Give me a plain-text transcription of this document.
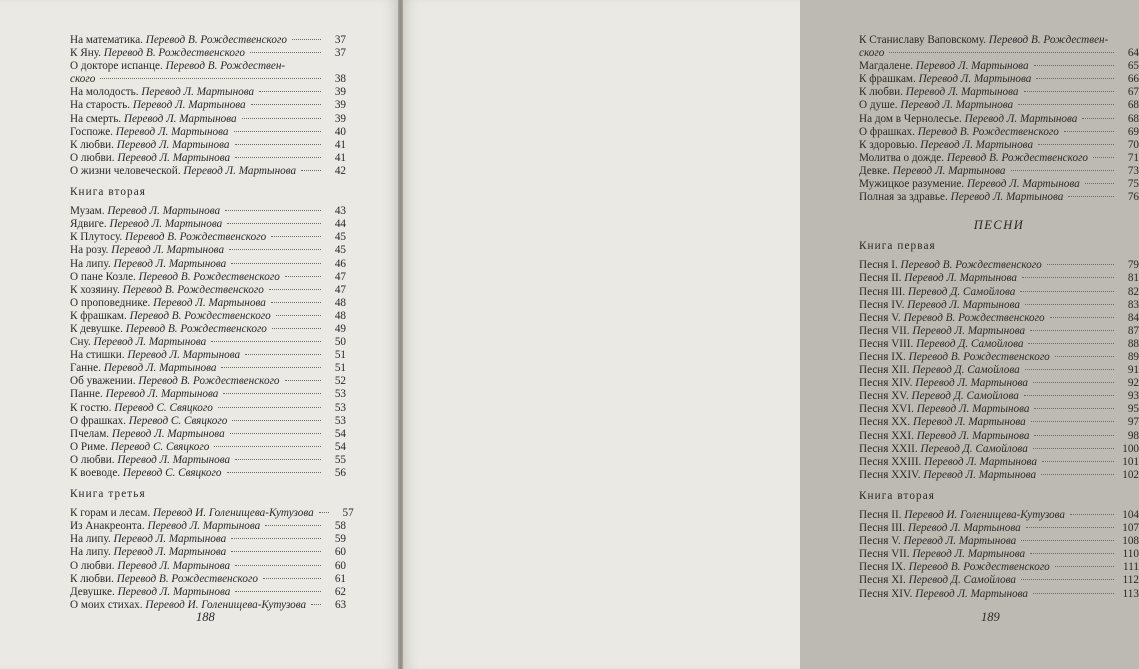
На математика. Перевод В. Рождественского	37
К Яну. Перевод В. Рождественского	37
О докторе испанце. Перевод В. Рождествен-
ского	38
На молодость. Перевод Л. Мартынова	39
На старость. Перевод Л. Мартынова	39
На смерть. Перевод Л. Мартынова	39
Госпоже. Перевод Л. Мартынова	40
К любви. Перевод Л. Мартынова	41
О любви. Перевод Л. Мартынова	41
О жизни человеческой. Перевод Л. Мартынова	42
Книга вторая
Музам. Перевод Л. Мартынова	43
Ядвиге. Перевод Л. Мартынова	44
К Плутосу. Перевод В. Рождественского	45
На розу. Перевод Л. Мартынова	45
На липу. Перевод Л. Мартынова	46
О пане Козле. Перевод В. Рождественского	47
К хозяину. Перевод В. Рождественского	47
О проповеднике. Перевод Л. Мартынова	48
К фрашкам. Перевод В. Рождественского	48
К девушке. Перевод В. Рождественского	49
Сну. Перевод Л. Мартынова	50
На стишки. Перевод Л. Мартынова	51
Ганне. Перевод Л. Мартынова	51
Об уважении. Перевод В. Рождественского	52
Панне. Перевод Л. Мартынова	53
К гостю. Перевод С. Свяцкого	53
О фрашках. Перевод С. Свяцкого	53
Пчелам. Перевод Л. Мартынова	54
О Риме. Перевод С. Свяцкого	54
О любви. Перевод Л. Мартынова	55
К воеводе. Перевод С. Свяцкого	56
Книга третья
К горам и лесам. Перевод И. Голенищева-Кутузова	57
Из Анакреонта. Перевод Л. Мартынова	58
На липу. Перевод Л. Мартынова	59
На липу. Перевод Л. Мартынова	60
О любви. Перевод Л. Мартынова	60
К любви. Перевод В. Рождественского	61
Девушке. Перевод Л. Мартынова	62
О моих стихах. Перевод И. Голенищева-Кутузова	63
188
К Станиславу Ваповскому. Перевод В. Рождествен-
ского	64
Магдалене. Перевод Л. Мартынова	65
К фрашкам. Перевод Л. Мартынова	66
К любви. Перевод Л. Мартынова	67
О душе. Перевод Л. Мартынова	68
На дом в Чернолесье. Перевод Л. Мартынова	68
О фрашках. Перевод В. Рождественского	69
К здоровью. Перевод Л. Мартынова	70
Молитва о дожде. Перевод В. Рождественского	71
Девке. Перевод Л. Мартынова	73
Мужицкое разумение. Перевод Л. Мартынова	75
Полная за здравье. Перевод Л. Мартынова	76
ПЕСНИ
Книга первая
Песня I. Перевод В. Рождественского	79
Песня II. Перевод Л. Мартынова	81
Песня III. Перевод Д. Самойлова	82
Песня IV. Перевод Л. Мартынова	83
Песня V. Перевод В. Рождественского	84
Песня VII. Перевод Л. Мартынова	87
Песня VIII. Перевод Д. Самойлова	88
Песня IX. Перевод В. Рождественского	89
Песня XII. Перевод Д. Самойлова	91
Песня XIV. Перевод Л. Мартынова	92
Песня XV. Перевод Д. Самойлова	93
Песня XVI. Перевод Л. Мартынова	95
Песня XX. Перевод Л. Мартынова	97
Песня XXI. Перевод Л. Мартынова	98
Песня XXII. Перевод Д. Самойлова	100
Песня XXIII. Перевод Л. Мартынова	101
Песня XXIV. Перевод Л. Мартынова	102
Книга вторая
Песня II. Перевод И. Голенищева-Кутузова	104
Песня III. Перевод Л. Мартынова	107
Песня V. Перевод Л. Мартынова	108
Песня VII. Перевод Л. Мартынова	110
Песня IX. Перевод В. Рождественского	111
Песня XI. Перевод Д. Самойлова	112
Песня XIV. Перевод Л. Мартынова	113
189
